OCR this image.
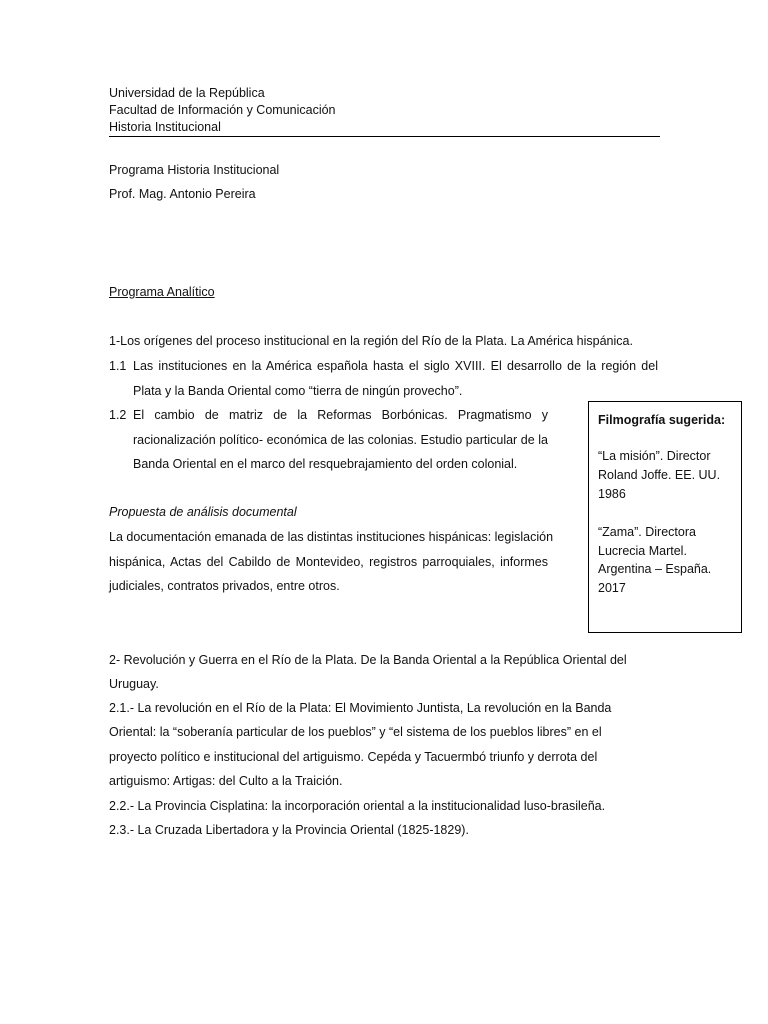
Universidad de la República
Facultad de Información y Comunicación
Historia Institucional
Programa Historia Institucional
Prof. Mag. Antonio Pereira
Programa Analítico
1-Los orígenes del proceso institucional en la región del Río de la Plata. La América hispánica.
1.1 Las instituciones en la América española hasta el siglo XVIII. El desarrollo de la región del
Plata y la Banda Oriental como “tierra de ningún provecho”.
1.2 El cambio de matriz de la Reformas Borbónicas. Pragmatismo y
racionalización político- económica de las colonias. Estudio particular de la
Banda Oriental en el marco del resquebrajamiento del orden colonial.
Propuesta de análisis documental
La documentación emanada de las distintas instituciones hispánicas: legislación
hispánica, Actas del Cabildo de Montevideo, registros parroquiales, informes
judiciales, contratos privados, entre otros.
Filmografía sugerida:
“La misión”. Director
Roland Joffe. EE. UU.
1986
“Zama”. Directora
Lucrecia Martel.
Argentina – España.
2017
2- Revolución y Guerra en el Río de la Plata. De la Banda Oriental a la República Oriental del
Uruguay.
2.1.- La revolución en el Río de la Plata: El Movimiento Juntista, La revolución en la Banda
Oriental: la “soberanía particular de los pueblos” y “el sistema de los pueblos libres” en el
proyecto político e institucional del artiguismo. Cepéda y Tacuermbó triunfo y derrota del
artiguismo: Artigas: del Culto a la Traición.
2.2.- La Provincia Cisplatina: la incorporación oriental a la institucionalidad luso-brasileña.
2.3.- La Cruzada Libertadora y la Provincia Oriental (1825-1829).
